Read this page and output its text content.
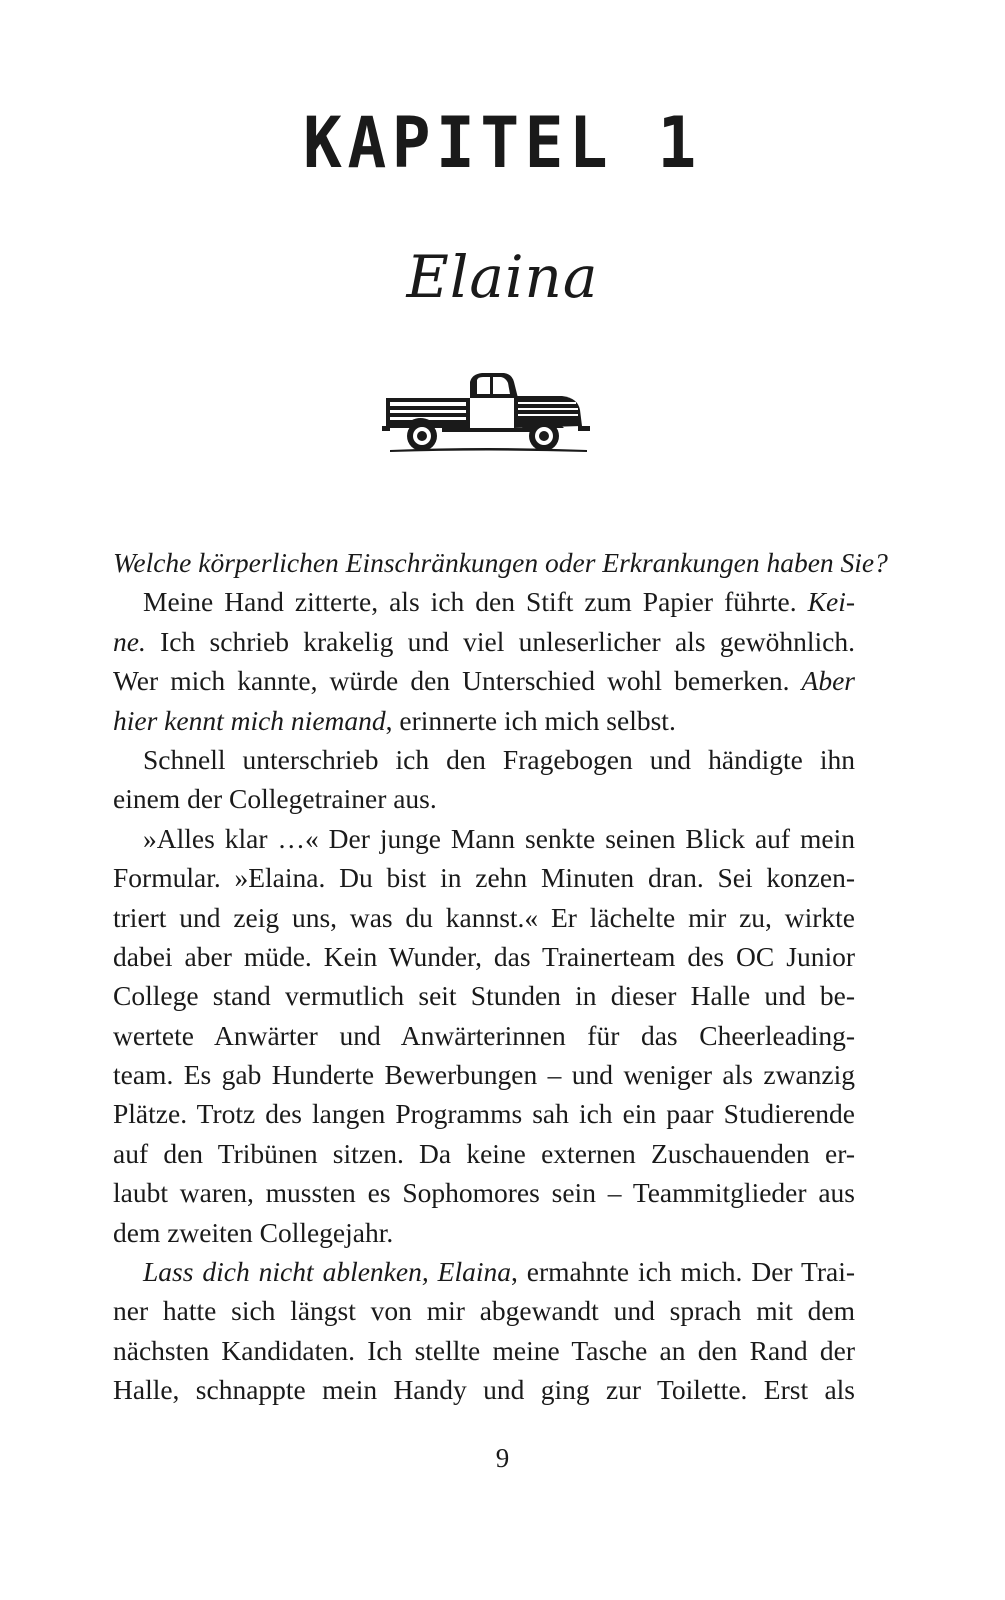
KAPITEL 1
Elaina
Welche körperlichen Einschränkungen oder Erkrankungen haben Sie?
Meine Hand zitterte, als ich den Stift zum Papier führte. Kei-
ne. Ich schrieb krakelig und viel unleserlicher als gewöhnlich.
Wer mich kannte, würde den Unterschied wohl bemerken. Aber
hier kennt mich niemand, erinnerte ich mich selbst.
Schnell unterschrieb ich den Fragebogen und händigte ihn
einem der Collegetrainer aus.
»Alles klar …« Der junge Mann senkte seinen Blick auf mein
Formular. »Elaina. Du bist in zehn Minuten dran. Sei konzen-
triert und zeig uns, was du kannst.« Er lächelte mir zu, wirkte
dabei aber müde. Kein Wunder, das Trainerteam des OC Junior
College stand vermutlich seit Stunden in dieser Halle und be-
wertete Anwärter und Anwärterinnen für das Cheerleading-
team. Es gab Hunderte Bewerbungen – und weniger als zwanzig
Plätze. Trotz des langen Programms sah ich ein paar Studierende
auf den Tribünen sitzen. Da keine externen Zuschauenden er-
laubt waren, mussten es Sophomores sein – Teammitglieder aus
dem zweiten Collegejahr.
Lass dich nicht ablenken, Elaina, ermahnte ich mich. Der Trai-
ner hatte sich längst von mir abgewandt und sprach mit dem
nächsten Kandidaten. Ich stellte meine Tasche an den Rand der
Halle, schnappte mein Handy und ging zur Toilette. Erst als
9
